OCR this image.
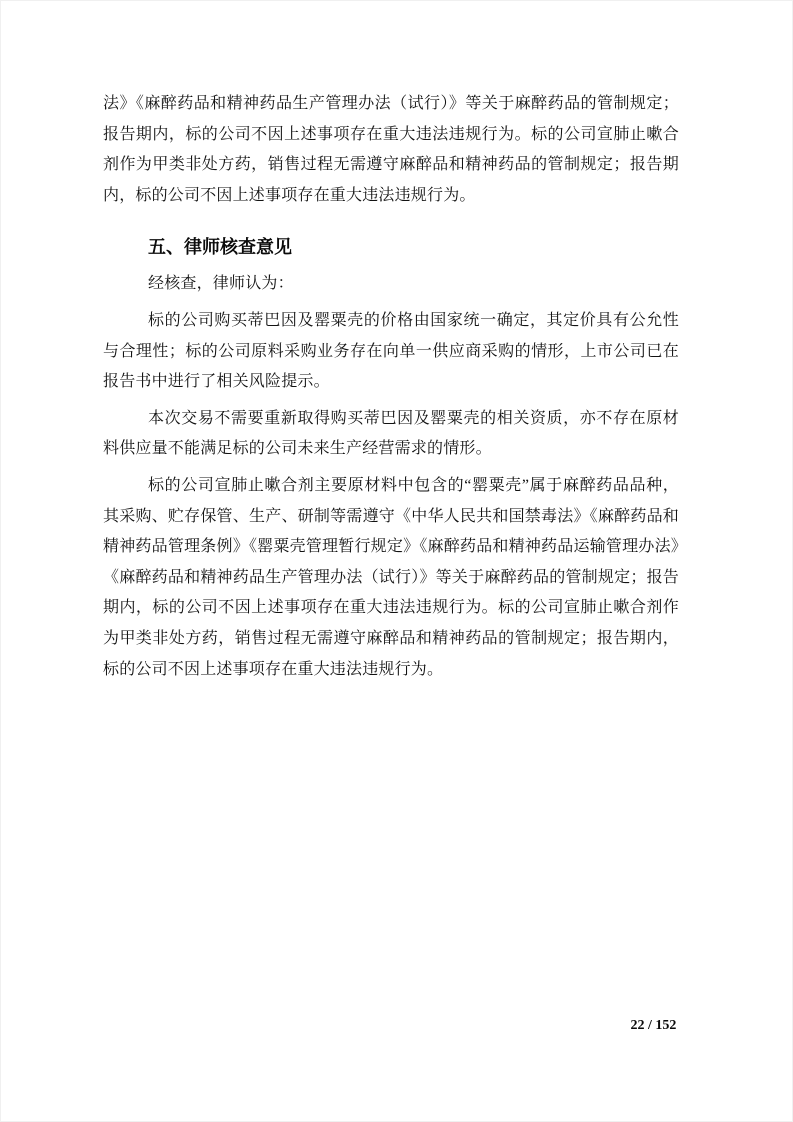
法》《麻醉药品和精神药品生产管理办法（试行）》等关于麻醉药品的管制规定；报告期内，标的公司不因上述事项存在重大违法违规行为。标的公司宣肺止嗽合剂作为甲类非处方药，销售过程无需遵守麻醉品和精神药品的管制规定；报告期内，标的公司不因上述事项存在重大违法违规行为。

五、律师核查意见

经核查，律师认为：

标的公司购买蒂巴因及罂粟壳的价格由国家统一确定，其定价具有公允性与合理性；标的公司原料采购业务存在向单一供应商采购的情形，上市公司已在报告书中进行了相关风险提示。

本次交易不需要重新取得购买蒂巴因及罂粟壳的相关资质，亦不存在原材料供应量不能满足标的公司未来生产经营需求的情形。

标的公司宣肺止嗽合剂主要原材料中包含的“罂粟壳”属于麻醉药品品种，其采购、贮存保管、生产、研制等需遵守《中华人民共和国禁毒法》《麻醉药品和精神药品管理条例》《罂粟壳管理暂行规定》《麻醉药品和精神药品运输管理办法》《麻醉药品和精神药品生产管理办法（试行）》等关于麻醉药品的管制规定；报告期内，标的公司不因上述事项存在重大违法违规行为。标的公司宣肺止嗽合剂作为甲类非处方药，销售过程无需遵守麻醉品和精神药品的管制规定；报告期内，标的公司不因上述事项存在重大违法违规行为。

22 / 152
